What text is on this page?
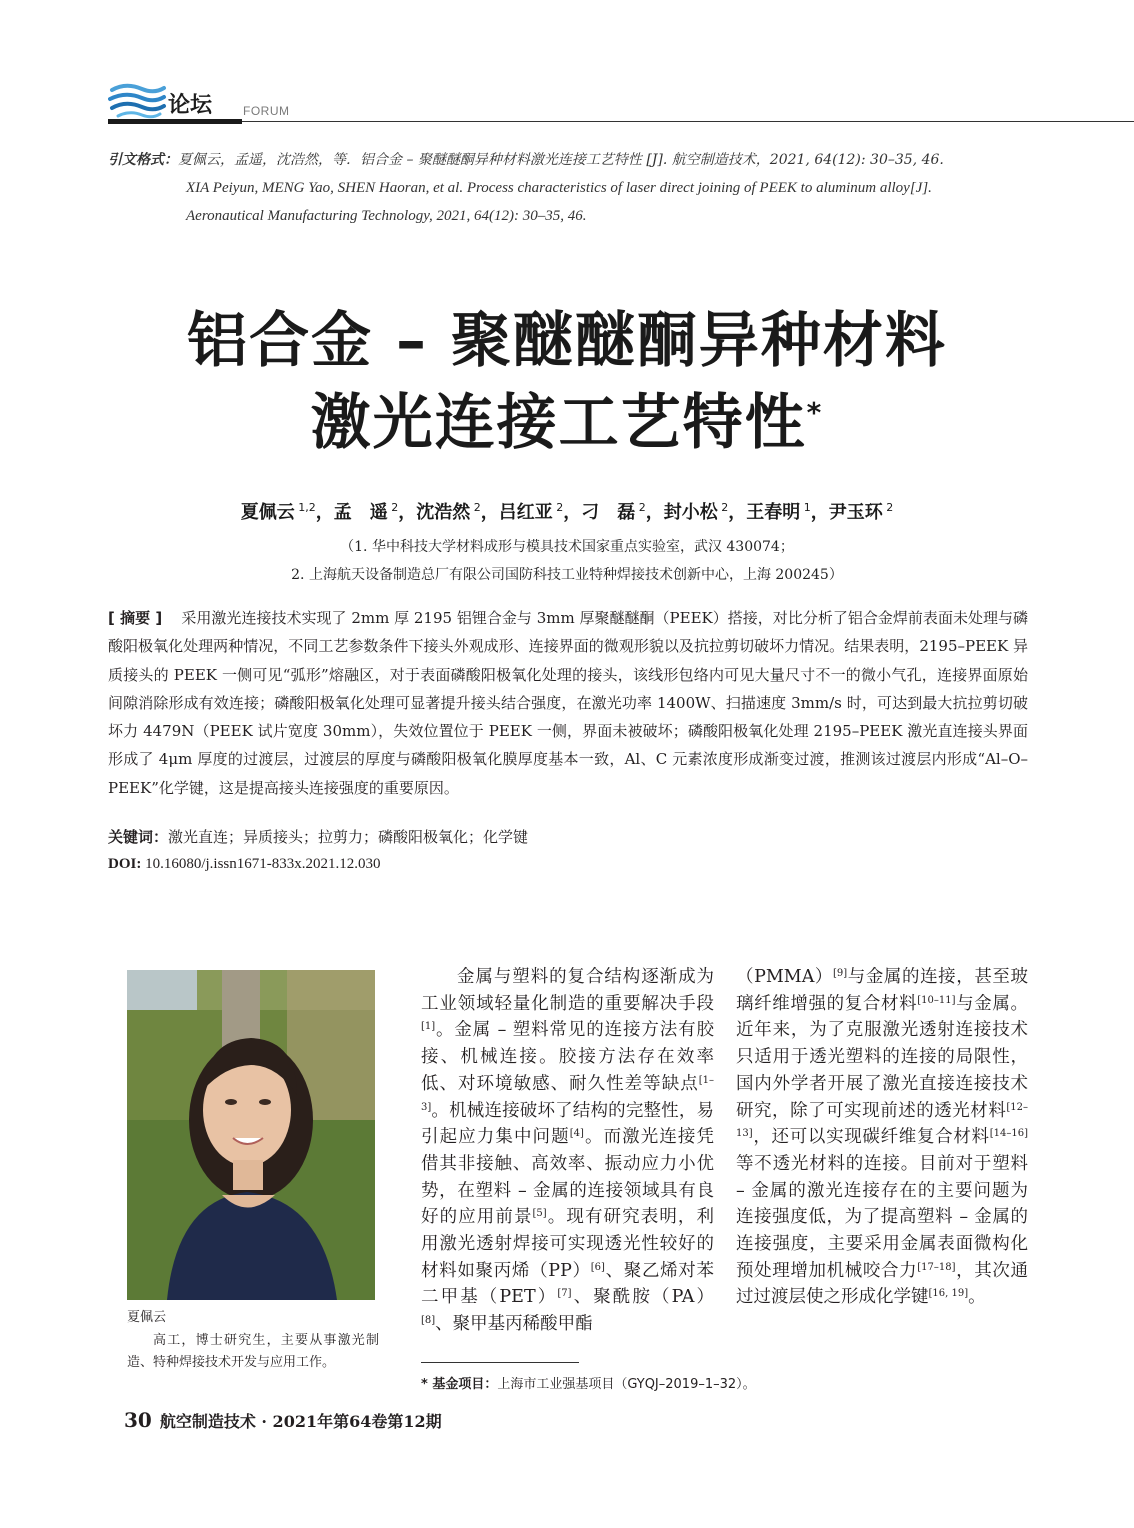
论坛	FORUM
引文格式：夏佩云，孟遥，沈浩然，等．铝合金 – 聚醚醚酮异种材料激光连接工艺特性 [J]. 航空制造技术，2021, 64(12): 30–35, 46.
XIA Peiyun, MENG Yao, SHEN Haoran, et al. Process characteristics of laser direct joining of PEEK to aluminum alloy[J].
Aeronautical Manufacturing Technology, 2021, 64(12): 30–35, 46.
铝合金 – 聚醚醚酮异种材料
激光连接工艺特性*
夏佩云 $^{1,2}$，孟　遥 $^2$，沈浩然 $^2$，吕红亚 $^2$，刁　磊 $^2$，封小松 $^2$，王春明 $^1$，尹玉环 $^2$
（1. 华中科技大学材料成形与模具技术国家重点实验室，武汉 430074；
2. 上海航天设备制造总厂有限公司国防科技工业特种焊接技术创新中心，上海 200245）
[ 摘要 ] 采用激光连接技术实现了 2mm 厚 2195 铝锂合金与 3mm 厚聚醚醚酮（PEEK）搭接，对比分析了铝合金焊前表面未处理与磷酸阳极氧化处理两种情况，不同工艺参数条件下接头外观成形、连接界面的微观形貌以及抗拉剪切破坏力情况。结果表明，2195–PEEK 异质接头的 PEEK 一侧可见“弧形”熔融区，对于表面磷酸阳极氧化处理的接头，该线形包络内可见大量尺寸不一的微小气孔，连接界面原始间隙消除形成有效连接；磷酸阳极氧化处理可显著提升接头结合强度，在激光功率 1400W、扫描速度 3mm/s 时，可达到最大抗拉剪切破坏力 4479N（PEEK 试片宽度 30mm），失效位置位于 PEEK 一侧，界面未被破坏；磷酸阳极氧化处理 2195–PEEK 激光直连接头界面形成了 4μm 厚度的过渡层，过渡层的厚度与磷酸阳极氧化膜厚度基本一致，Al、C 元素浓度形成渐变过渡，推测该过渡层内形成“Al–O–PEEK”化学键，这是提高接头连接强度的重要原因。
关键词：激光直连；异质接头；拉剪力；磷酸阳极氧化；化学键
DOI: 10.16080/j.issn1671-833x.2021.12.030
夏佩云
高工，博士研究生，主要从事激光制造、特种焊接技术开发与应用工作。
金属与塑料的复合结构逐渐成为工业领域轻量化制造的重要解决手段[1]。金属 – 塑料常见的连接方法有胶接、机械连接。胶接方法存在效率低、对环境敏感、耐久性差等缺点[1–3]。机械连接破坏了结构的完整性，易引起应力集中问题[4]。而激光连接凭借其非接触、高效率、振动应力小优势，在塑料 – 金属的连接领域具有良好的应用前景[5]。现有研究表明，利用激光透射焊接可实现透光性较好的材料如聚丙烯（PP）[6]、聚乙烯对苯二甲基（PET）[7]、聚酰胺（PA）[8]、聚甲基丙稀酸甲酯
（PMMA）[9]与金属的连接，甚至玻璃纤维增强的复合材料[10–11]与金属。近年来，为了克服激光透射连接技术只适用于透光塑料的连接的局限性，国内外学者开展了激光直接连接技术研究，除了可实现前述的透光材料[12–13]，还可以实现碳纤维复合材料[14–16]等不透光材料的连接。目前对于塑料 – 金属的激光连接存在的主要问题为连接强度低，为了提高塑料 – 金属的连接强度，主要采用金属表面微构化预处理增加机械咬合力[17–18]，其次通过过渡层使之形成化学键[16, 19]。
* 基金项目：上海市工业强基项目（GYQJ–2019–1–32）。
30 航空制造技术 · 2021年第64卷第12期
